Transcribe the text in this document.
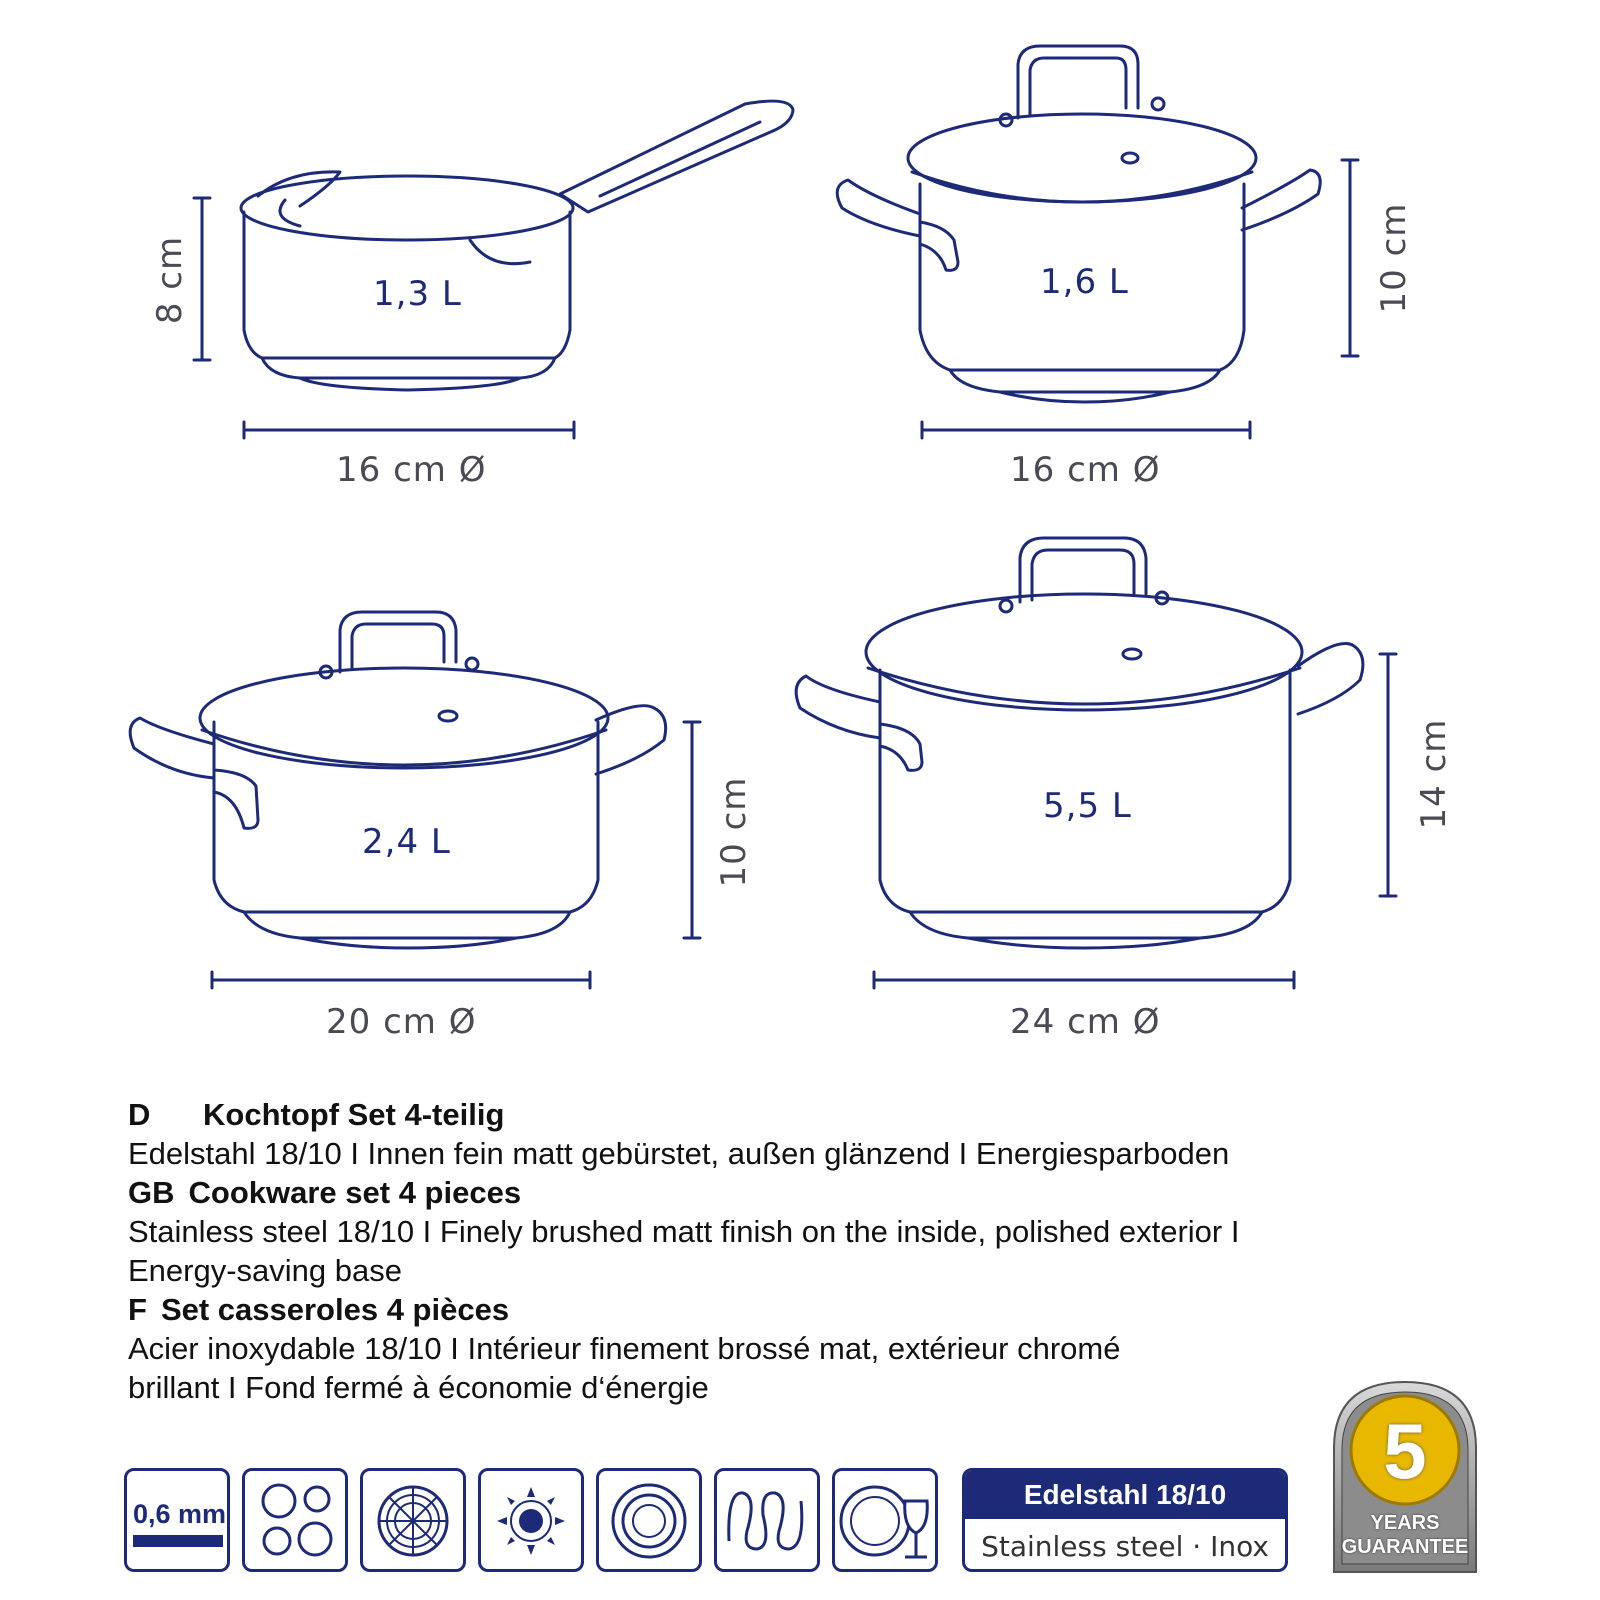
1,3 L	1,6 L
2,4 L
5,5 L
16 cm Ø	16 cm Ø
20 cm Ø	24 cm Ø
8 cm	10 cm
10 cm
14 cm
D Kochtopf Set 4-teilig
Edelstahl 18/10 I Innen fein matt gebürstet, außen glänzend I Energiesparboden
GB Cookware set 4 pieces
Stainless steel 18/10 I Finely brushed matt finish on the inside, polished exterior I
Energy-saving base
F Set casseroles 4 pièces
Acier inoxydable 18/10 I Intérieur finement brossé mat, extérieur chromé
brillant I Fond fermé à économie d‘énergie
0,6 mm
Edelstahl 18/10
Stainless steel · Inox
5
YEARS
GUARANTEE
